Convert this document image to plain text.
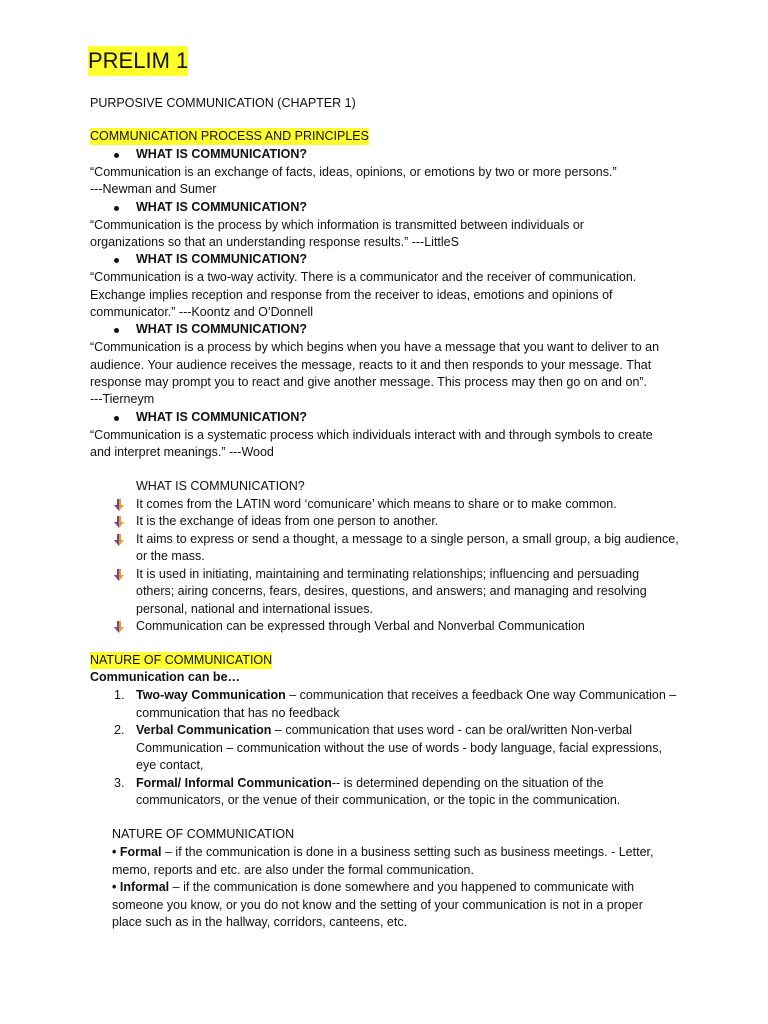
PRELIM 1
PURPOSIVE COMMUNICATION (CHAPTER 1)
COMMUNICATION PROCESS AND PRINCIPLES
WHAT IS COMMUNICATION?
“Communication is an exchange of facts, ideas, opinions, or emotions by two or more persons.”
---Newman and Sumer
WHAT IS COMMUNICATION?
“Communication is the process by which information is transmitted between individuals or
organizations so that an understanding response results.” ---LittleS
WHAT IS COMMUNICATION?
“Communication is a two-way activity. There is a communicator and the receiver of communication.
Exchange implies reception and response from the receiver to ideas, emotions and opinions of
communicator.” ---Koontz and O’Donnell
WHAT IS COMMUNICATION?
“Communication is a process by which begins when you have a message that you want to deliver to an
audience. Your audience receives the message, reacts to it and then responds to your message. That
response may prompt you to react and give another message. This process may then go on and on”.
---Tierneym
WHAT IS COMMUNICATION?
“Communication is a systematic process which individuals interact with and through symbols to create
and interpret meanings.” ---Wood
WHAT IS COMMUNICATION?
It comes from the LATIN word ‘comunicare’ which means to share or to make common.
It is the exchange of ideas from one person to another.
It aims to express or send a thought, a message to a single person, a small group, a big audience,
or the mass.
It is used in initiating, maintaining and terminating relationships; influencing and persuading
others; airing concerns, fears, desires, questions, and answers; and managing and resolving
personal, national and international issues.
Communication can be expressed through Verbal and Nonverbal Communication
NATURE OF COMMUNICATION
Communication can be…
1. Two-way Communication – communication that receives a feedback One way Communication –
communication that has no feedback
2. Verbal Communication – communication that uses word - can be oral/written Non-verbal
Communication – communication without the use of words - body language, facial expressions,
eye contact,
3. Formal/ Informal Communication-- is determined depending on the situation of the
communicators, or the venue of their communication, or the topic in the communication.
NATURE OF COMMUNICATION
• Formal – if the communication is done in a business setting such as business meetings. - Letter,
memo, reports and etc. are also under the formal communication.
• Informal – if the communication is done somewhere and you happened to communicate with
someone you know, or you do not know and the setting of your communication is not in a proper
place such as in the hallway, corridors, canteens, etc.
